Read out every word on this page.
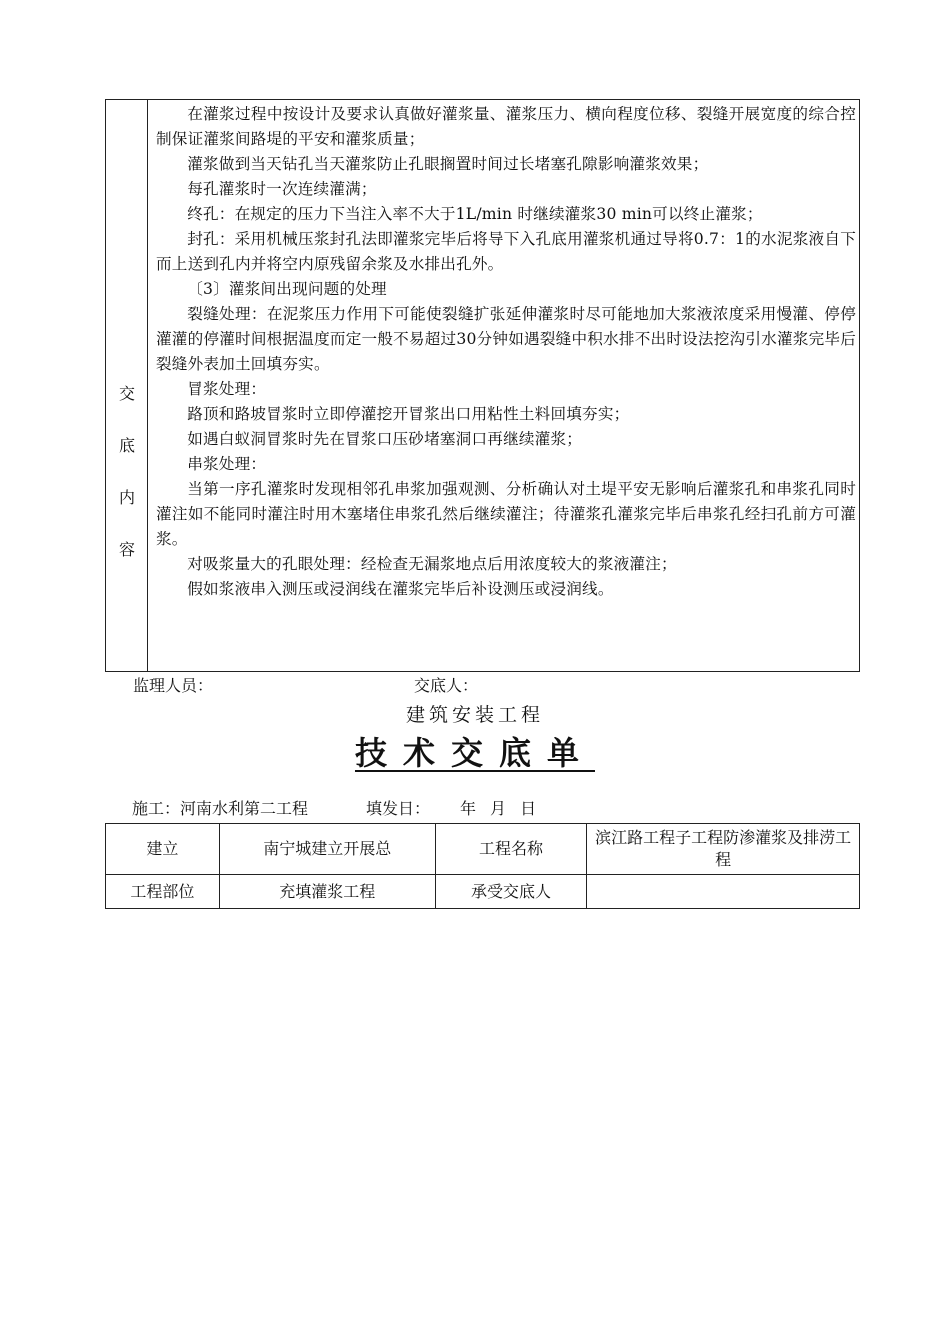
交
底
内
容

在灌浆过程中按设计及要求认真做好灌浆量、灌浆压力、横向程度位移、裂缝开展宽度的综合控制保证灌浆间路堤的平安和灌浆质量；

灌浆做到当天钻孔当天灌浆防止孔眼搁置时间过长堵塞孔隙影响灌浆效果；

每孔灌浆时一次连续灌满；

终孔：在规定的压力下当注入率不大于1L/min 时继续灌浆30 min可以终止灌浆；

封孔：采用机械压浆封孔法即灌浆完毕后将导下入孔底用灌浆机通过导将0.7：1的水泥浆液自下而上送到孔内并将空内原残留余浆及水排出孔外。

〔3〕灌浆间出现问题的处理

裂缝处理：在泥浆压力作用下可能使裂缝扩张延伸灌浆时尽可能地加大浆液浓度采用慢灌、停停灌灌的停灌时间根据温度而定一般不易超过30分钟如遇裂缝中积水排不出时设法挖沟引水灌浆完毕后裂缝外表加土回填夯实。

冒浆处理：

路顶和路坡冒浆时立即停灌挖开冒浆出口用粘性土料回填夯实；

如遇白蚁洞冒浆时先在冒浆口压砂堵塞洞口再继续灌浆；

串浆处理：

当第一序孔灌浆时发现相邻孔串浆加强观测、分析确认对土堤平安无影响后灌浆孔和串浆孔同时灌注如不能同时灌注时用木塞堵住串浆孔然后继续灌注；待灌浆孔灌浆完毕后串浆孔经扫孔前方可灌浆。

对吸浆量大的孔眼处理：经检查无漏浆地点后用浓度较大的浆液灌注；

假如浆液串入测压或浸润线在灌浆完毕后补设测压或浸润线。

监理人员：	交底人：
建筑安装工程
技术交底单
施工：河南水利第二工程	填发日： 年 月 日
建立	南宁城建立开展总	工程名称	滨江路工程子工程防渗灌浆及排涝工程
工程部位	充填灌浆工程	承受交底人	
